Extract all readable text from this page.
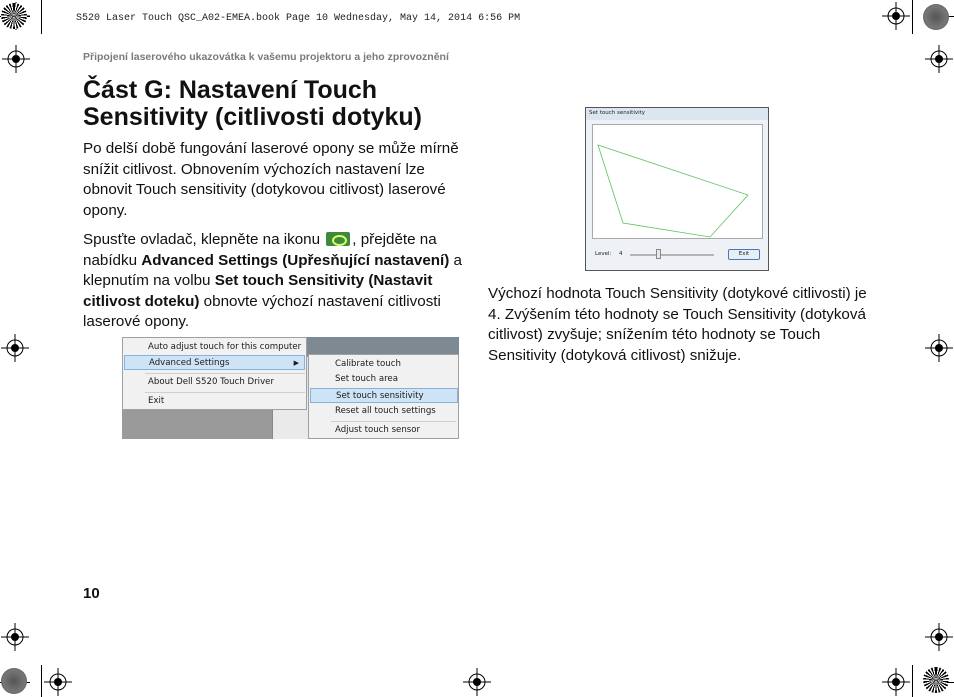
S520 Laser Touch QSC_A02-EMEA.book Page 10 Wednesday, May 14, 2014 6:56 PM
Připojení laserového ukazovátka k vašemu projektoru a jeho zprovoznění
Část G: Nastavení Touch Sensitivity (citlivosti dotyku)

Po delší době fungování laserové opony se může mírně snížit citlivost. Obnovením výchozích nastavení lze obnovit Touch sensitivity (dotykovou citlivost) laserové opony.

Spusťte ovladač, klepněte na ikonu , přejděte na nabídku Advanced Settings (Upřesňující nastavení) a klepnutím na volbu Set touch Sensitivity (Nastavit citlivost doteku) obnovte výchozí nastavení citlivosti laserové opony.

Auto adjust touch for this computer
Advanced Settings	▶
About Dell S520 Touch Driver
Exit
Calibrate touch
Set touch area
Set touch sensitivity
Reset all touch settings
Adjust touch sensor
Set touch sensitivity
Level: 4	Exit

Výchozí hodnota Touch Sensitivity (dotykové citlivosti) je 4. Zvýšením této hodnoty se Touch Sensitivity (dotyková citlivost) zvyšuje; snížením této hodnoty se Touch Sensitivity (dotyková citlivost) snižuje.

10
